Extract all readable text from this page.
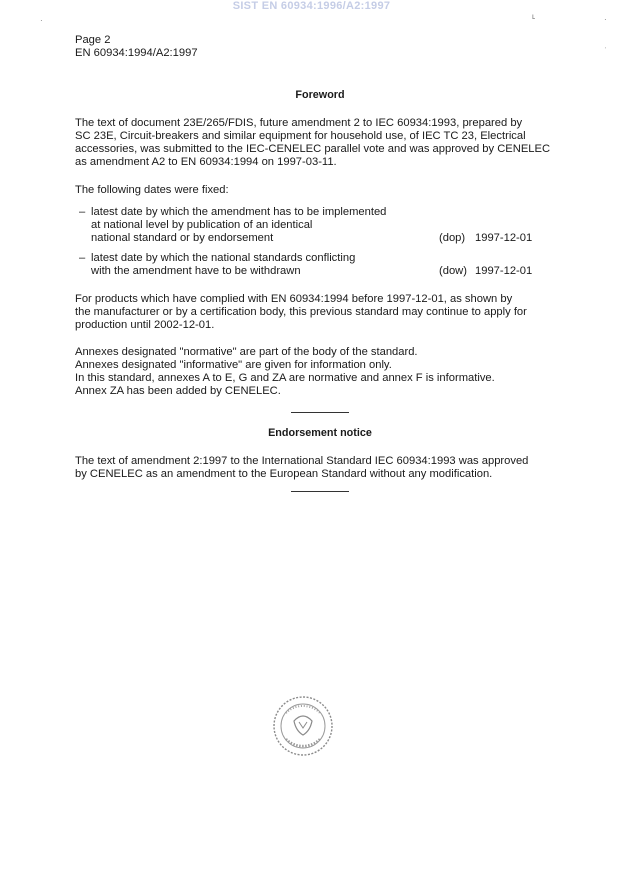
SIST EN 60934:1996/A2:1997
Page 2
EN 60934:1994/A2:1997
Foreword

The text of document 23E/265/FDIS, future amendment 2 to IEC 60934:1993, prepared by
SC 23E, Circuit-breakers and similar equipment for household use, of IEC TC 23, Electrical
accessories, was submitted to the IEC-CENELEC parallel vote and was approved by CENELEC
as amendment A2 to EN 60934:1994 on 1997-03-11.

The following dates were fixed:

– latest date by which the amendment has to be implemented
at national level by publication of an identical
national standard or by endorsement	(dop) 1997-12-01
– latest date by which the national standards conflicting
with the amendment have to be withdrawn	(dow) 1997-12-01

For products which have complied with EN 60934:1994 before 1997-12-01, as shown by
the manufacturer or by a certification body, this previous standard may continue to apply for
production until 2002-12-01.

Annexes designated "normative" are part of the body of the standard.
Annexes designated "informative" are given for information only.
In this standard, annexes A to E, G and ZA are normative and annex F is informative.
Annex ZA has been added by CENELEC.

Endorsement notice

The text of amendment 2:1997 to the International Standard IEC 60934:1993 was approved
by CENELEC as an amendment to the European Standard without any modification.

·	ʟ	·
ʾ
